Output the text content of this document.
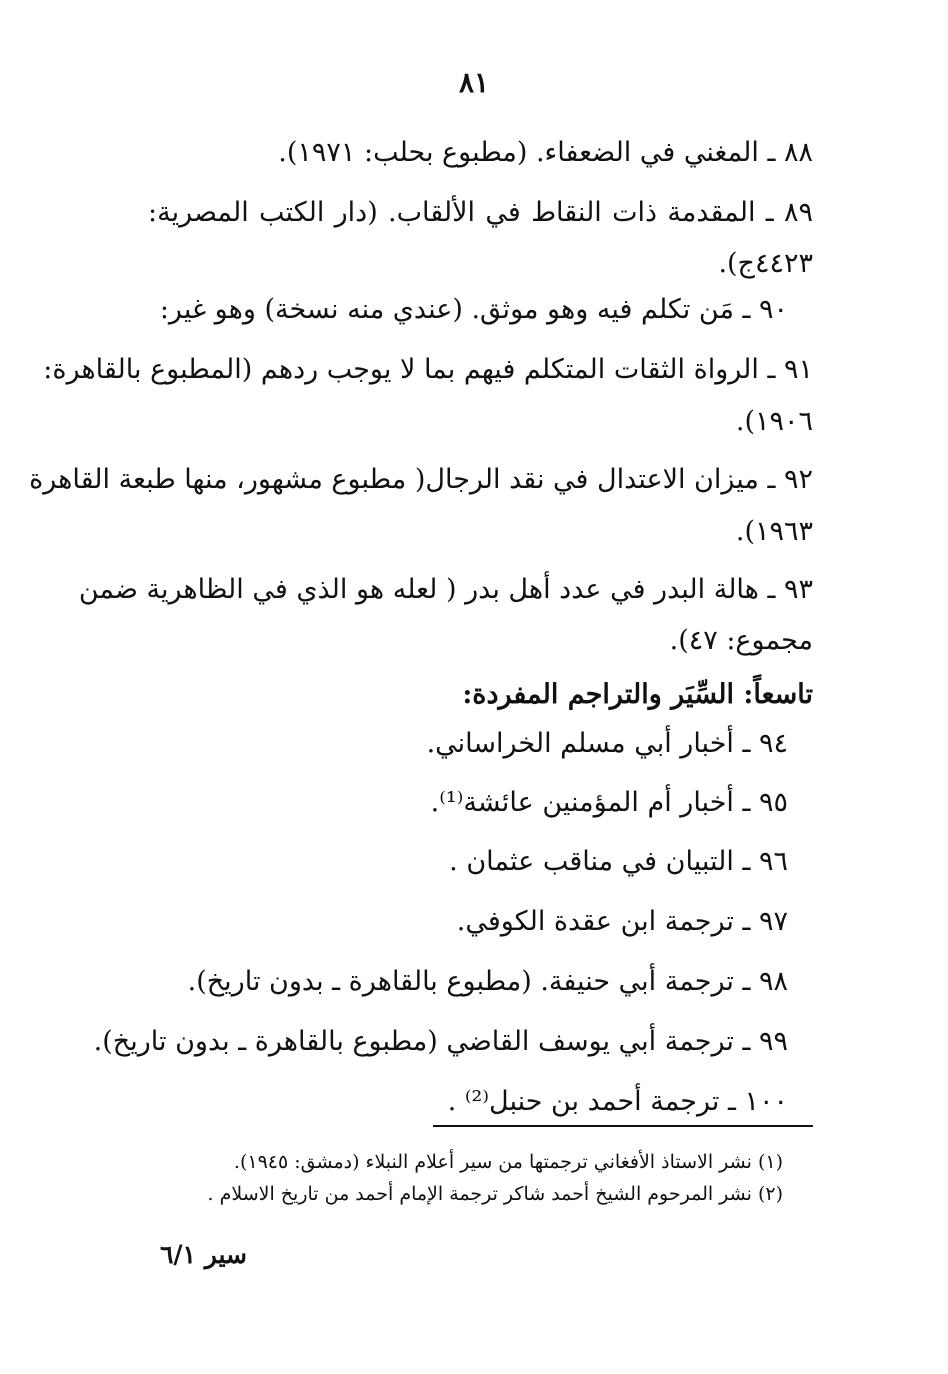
٨١
٨٨ ـ المغني في الضعفاء. (مطبوع بحلب: ١٩٧١).
٨٩ ـ المقدمة ذات النقاط في الألقاب. (دار الكتب المصرية:
٤٤٢٣ج).
٩٠ ـ مَن تكلم فيه وهو موثق. (عندي منه نسخة) وهو غير:
٩١ ـ الرواة الثقات المتكلم فيهم بما لا يوجب ردهم (المطبوع بالقاهرة:
١٩٠٦).
٩٢ ـ ميزان الاعتدال في نقد الرجال( مطبوع مشهور، منها طبعة القاهرة
١٩٦٣).
٩٣ ـ هالة البدر في عدد أهل بدر ( لعله هو الذي في الظاهرية ضمن
مجموع: ٤٧).
تاسعاً: السِّيَر والتراجم المفردة:
٩٤ ـ أخبار أبي مسلم الخراساني.
٩٥ ـ أخبار أم المؤمنين عائشة⁽¹⁾.
٩٦ ـ التبيان في مناقب عثمان .
٩٧ ـ ترجمة ابن عقدة الكوفي.
٩٨ ـ ترجمة أبي حنيفة. (مطبوع بالقاهرة ـ بدون تاريخ).
٩٩ ـ ترجمة أبي يوسف القاضي (مطبوع بالقاهرة ـ بدون تاريخ).
١٠٠ ـ ترجمة أحمد بن حنبل⁽²⁾ .
(١) نشر الاستاذ الأفغاني ترجمتها من سير أعلام النبلاء (دمشق: ١٩٤٥).
(٢) نشر المرحوم الشيخ أحمد شاكر ترجمة الإمام أحمد من تاريخ الاسلام .
سير ٦/١
